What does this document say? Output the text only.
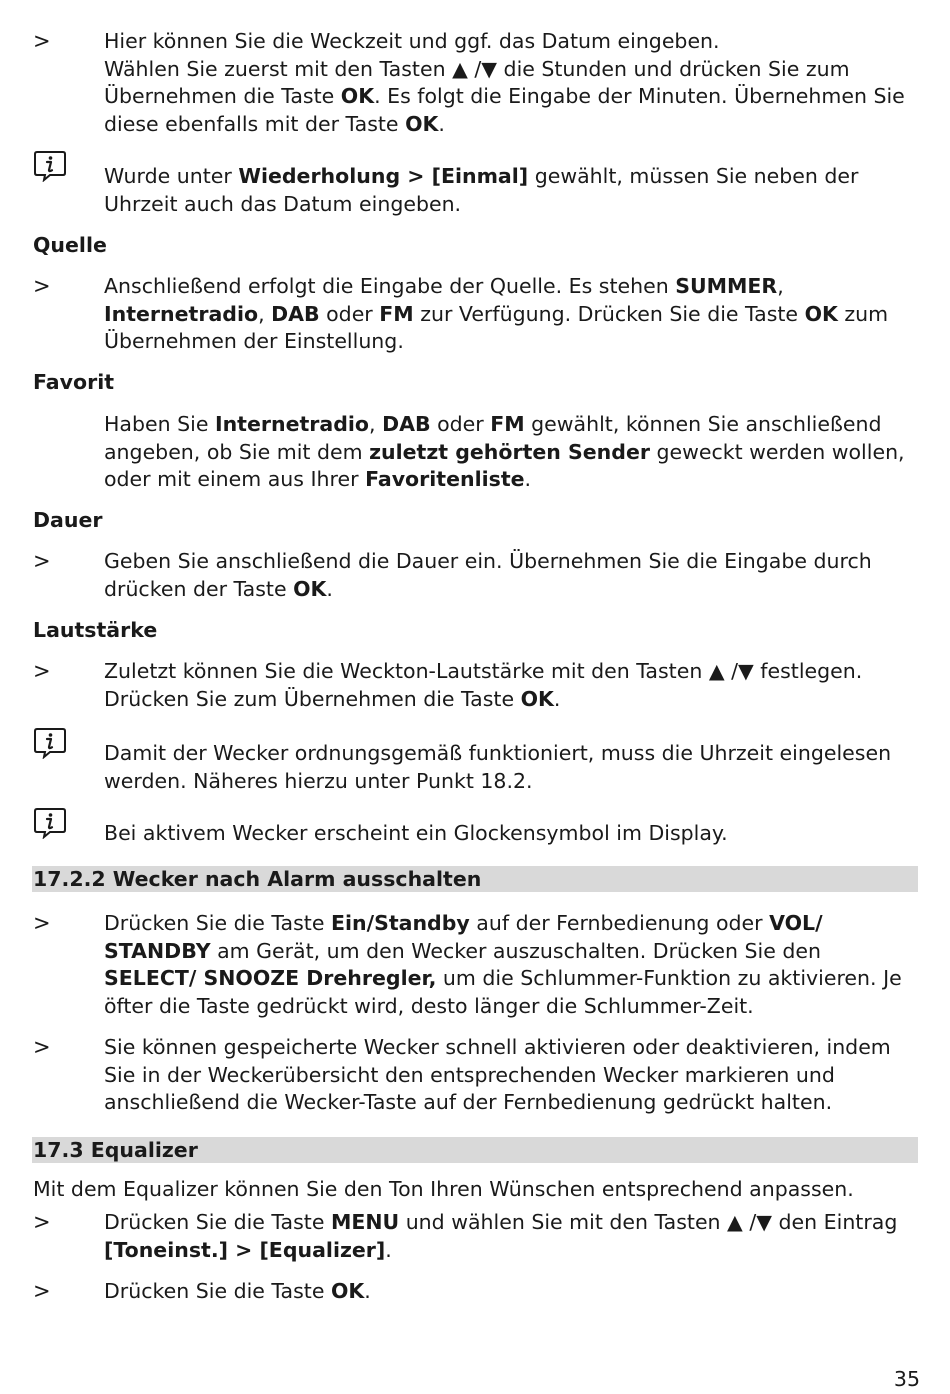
>	Hier können Sie die Weckzeit und ggf. das Datum eingeben.
Wählen Sie zuerst mit den Tasten ▲ /▼ die Stunden und drücken Sie zum Übernehmen die Taste OK. Es folgt die Eingabe der Minuten. Übernehmen Sie diese ebenfalls mit der Taste OK.
Wurde unter Wiederholung > [Einmal] gewählt, müssen Sie neben der Uhrzeit auch das Datum eingeben.
Quelle
>	Anschließend erfolgt die Eingabe der Quelle. Es stehen SUMMER, Internetradio, DAB oder FM zur Verfügung. Drücken Sie die Taste OK zum Übernehmen der Einstellung.
Favorit
Haben Sie Internetradio, DAB oder FM gewählt, können Sie anschließend angeben, ob Sie mit dem zuletzt gehörten Sender geweckt werden wollen, oder mit einem aus Ihrer Favoritenliste.
Dauer
>	Geben Sie anschließend die Dauer ein. Übernehmen Sie die Eingabe durch drücken der Taste OK.
Lautstärke
>	Zuletzt können Sie die Weckton-Lautstärke mit den Tasten ▲ /▼ festlegen. Drücken Sie zum Übernehmen die Taste OK.
Damit der Wecker ordnungsgemäß funktioniert, muss die Uhrzeit eingelesen werden. Näheres hierzu unter Punkt 18.2.
Bei aktivem Wecker erscheint ein Glockensymbol im Display.
17.2.2 Wecker nach Alarm ausschalten
>	Drücken Sie die Taste Ein/Standby auf der Fernbedienung oder VOL/ STANDBY am Gerät, um den Wecker auszuschalten. Drücken Sie den SELECT/ SNOOZE Drehregler, um die Schlummer-Funktion zu aktivieren. Je öfter die Taste gedrückt wird, desto länger die Schlummer-Zeit.
>	Sie können gespeicherte Wecker schnell aktivieren oder deaktivieren, indem Sie in der Weckerübersicht den entsprechenden Wecker markieren und anschließend die Wecker-Taste auf der Fernbedienung gedrückt halten.
17.3 Equalizer
Mit dem Equalizer können Sie den Ton Ihren Wünschen entsprechend anpassen.
>	Drücken Sie die Taste MENU und wählen Sie mit den Tasten ▲ /▼ den Eintrag [Toneinst.] > [Equalizer].
>	Drücken Sie die Taste OK.
35
